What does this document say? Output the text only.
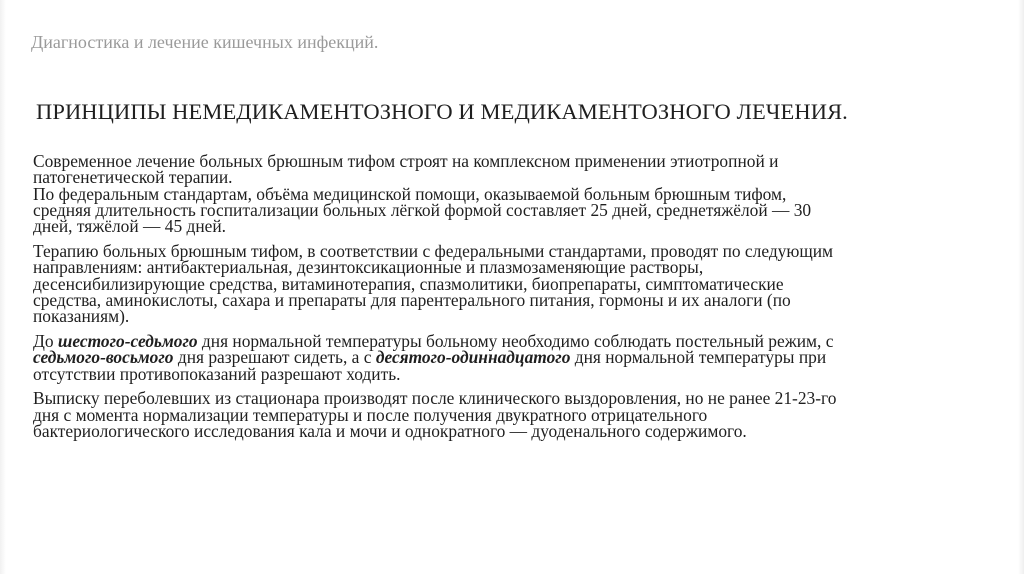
Диагностика и лечение кишечных инфекций.
ПРИНЦИПЫ НЕМЕДИКАМЕНТОЗНОГО И МЕДИКАМЕНТОЗНОГО ЛЕЧЕНИЯ.
Современное лечение больных брюшным тифом строят на комплексном применении этиотропной и
патогенетической терапии.
По федеральным стандартам, объёма медицинской помощи, оказываемой больным брюшным тифом,
средняя длительность госпитализации больных лёгкой формой составляет 25 дней, среднетяжёлой — 30
дней, тяжёлой — 45 дней.
Терапию больных брюшным тифом, в соответствии с федеральными стандартами, проводят по следующим
направлениям: антибактериальная, дезинтоксикационные и плазмозаменяющие растворы,
десенсибилизирующие средства, витаминотерапия, спазмолитики, биопрепараты, симптоматические
средства, аминокислоты, сахара и препараты для парентерального питания, гормоны и их аналоги (по
показаниям).
До шестого-седьмого дня нормальной температуры больному необходимо соблюдать постельный режим, с
седьмого-восьмого дня разрешают сидеть, а с десятого-одиннадцатого дня нормальной температуры при
отсутствии противопоказаний разрешают ходить.
Выписку переболевших из стационара производят после клинического выздоровления, но не ранее 21-23-го
дня с момента нормализации температуры и после получения двукратного отрицательного
бактериологического исследования кала и мочи и однократного — дуоденального содержимого.
